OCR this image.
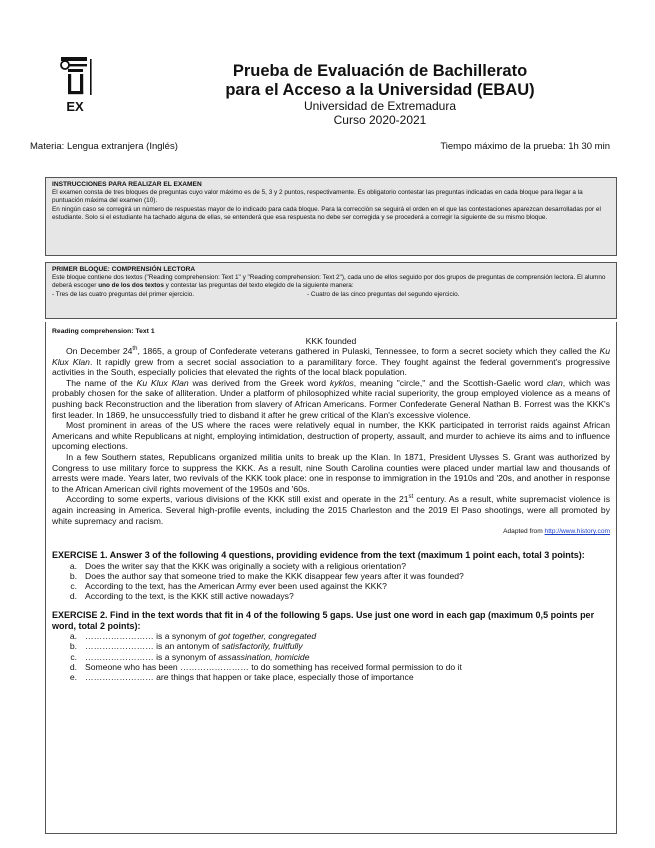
EX
Prueba de Evaluación de Bachillerato
para el Acceso a la Universidad (EBAU)
Universidad de Extremadura
Curso 2020-2021
Materia: Lengua extranjera (Inglés)	Tiempo máximo de la prueba: 1h 30 min
INSTRUCCIONES PARA REALIZAR EL EXAMEN
El examen consta de tres bloques de preguntas cuyo valor máximo es de 5, 3 y 2 puntos, respectivamente. Es obligatorio contestar las preguntas indicadas en cada bloque para llegar a la puntuación máxima del examen (10).
En ningún caso se corregirá un número de respuestas mayor de lo indicado para cada bloque. Para la corrección se seguirá el orden en el que las contestaciones aparezcan desarrolladas por el estudiante. Solo si el estudiante ha tachado alguna de ellas, se entenderá que esa respuesta no debe ser corregida y se procederá a corregir la siguiente de su mismo bloque.
PRIMER BLOQUE: COMPRENSIÓN LECTORA
Este bloque contiene dos textos ("Reading comprehension: Text 1" y "Reading comprehension: Text 2"), cada uno de ellos seguido por dos grupos de preguntas de comprensión lectora. El alumno deberá escoger uno de los dos textos y contestar las preguntas del texto elegido de la siguiente manera:
- Tres de las cuatro preguntas del primer ejercicio.	- Cuatro de las cinco preguntas del segundo ejercicio.
Reading comprehension: Text 1
KKK founded

On December 24th, 1865, a group of Confederate veterans gathered in Pulaski, Tennessee, to form a secret society which they called the Ku Klux Klan. It rapidly grew from a secret social association to a paramilitary force. They fought against the federal government's progressive activities in the South, especially policies that elevated the rights of the local black population.

The name of the Ku Klux Klan was derived from the Greek word kyklos, meaning "circle," and the Scottish-Gaelic word clan, which was probably chosen for the sake of alliteration. Under a platform of philosophized white racial superiority, the group employed violence as a means of pushing back Reconstruction and the liberation from slavery of African Americans. Former Confederate General Nathan B. Forrest was the KKK's first leader. In 1869, he unsuccessfully tried to disband it after he grew critical of the Klan's excessive violence.

Most prominent in areas of the US where the races were relatively equal in number, the KKK participated in terrorist raids against African Americans and white Republicans at night, employing intimidation, destruction of property, assault, and murder to achieve its aims and to influence upcoming elections.

In a few Southern states, Republicans organized militia units to break up the Klan. In 1871, President Ulysses S. Grant was authorized by Congress to use military force to suppress the KKK. As a result, nine South Carolina counties were placed under martial law and thousands of arrests were made. Years later, two revivals of the KKK took place: one in response to immigration in the 1910s and '20s, and another in response to the African American civil rights movement of the 1950s and '60s.

According to some experts, various divisions of the KKK still exist and operate in the 21st century. As a result, white supremacist violence is again increasing in America. Several high-profile events, including the 2015 Charleston and the 2019 El Paso shootings, were all promoted by white supremacy and racism.

Adapted from http://www.history.com

EXERCISE 1. Answer 3 of the following 4 questions, providing evidence from the text (maximum 1 point each, total 3 points):

a. Does the writer say that the KKK was originally a society with a religious orientation?
b. Does the author say that someone tried to make the KKK disappear few years after it was founded?
c. According to the text, has the American Army ever been used against the KKK?
d. According to the text, is the KKK still active nowadays?

EXERCISE 2. Find in the text words that fit in 4 of the following 5 gaps. Use just one word in each gap (maximum 0,5 points per word, total 2 points):

a. …………………… is a synonym of got together, congregated
b. …………………… is an antonym of satisfactorily, fruitfully
c. …………………… is a synonym of assassination, homicide
d. Someone who has been …………………… to do something has received formal permission to do it
e. …………………… are things that happen or take place, especially those of importance
